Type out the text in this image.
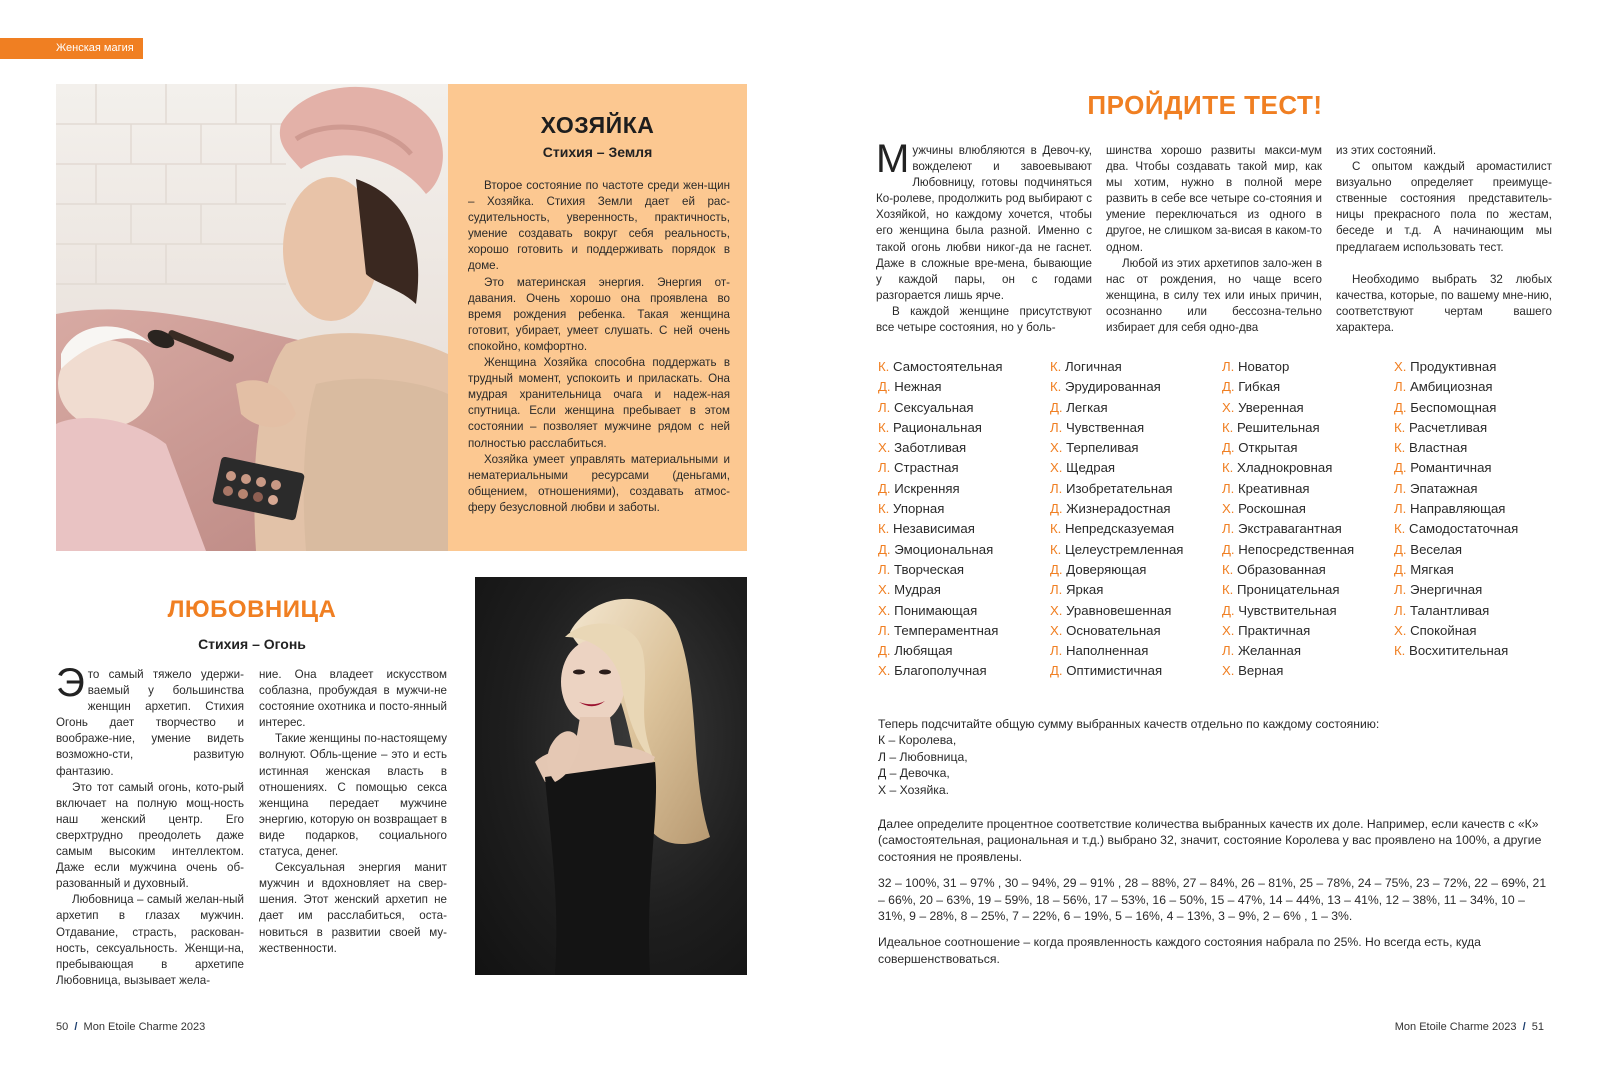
Женская магия
ХОЗЯЙКА
Стихия – Земля

Второе состояние по частоте среди жен-щин – Хозяйка. Стихия Земли дает ей рас-судительность, уверенность, практичность, умение создавать вокруг себя реальность, хорошо готовить и поддерживать порядок в доме.

Это материнская энергия. Энергия от-давания. Очень хорошо она проявлена во время рождения ребенка. Такая женщина готовит, убирает, умеет слушать. С ней очень спокойно, комфортно.

Женщина Хозяйка способна поддержать в трудный момент, успокоить и приласкать. Она мудрая хранительница очага и надеж-ная спутница. Если женщина пребывает в этом состоянии – позволяет мужчине рядом с ней полностью расслабиться.

Хозяйка умеет управлять материальными и нематериальными ресурсами (деньгами, общением, отношениями), создавать атмос-феру безусловной любви и заботы.

ЛЮБОВНИЦА
Стихия – Огонь

Это самый тяжело удержи-ваемый у большинства женщин архетип. Стихия Огонь дает творчество и воображе-ние, умение видеть возможно-сти, развитую фантазию.

Это тот самый огонь, кото-рый включает на полную мощ-ность наш женский центр. Его сверхтрудно преодолеть даже самым высоким интеллектом. Даже если мужчина очень об-разованный и духовный.

Любовница – самый желан-ный архетип в глазах мужчин. Отдавание, страсть, раскован-ность, сексуальность. Женщи-на, пребывающая в архетипе Любовница, вызывает жела-

ние. Она владеет искусством соблазна, пробуждая в мужчи-не состояние охотника и посто-янный интерес.

Такие женщины по-настоящему волнуют. Обль-щение – это и есть истинная женская власть в отношениях. С помощью секса женщина передает мужчине энергию, которую он возвращает в виде подарков, социального статуса, денег.

Сексуальная энергия манит мужчин и вдохновляет на свер-шения. Этот женский архетип не дает им расслабиться, оста-новиться в развитии своей му-жественности.

50  /  Mon Etoile Charme 2023
ПРОЙДИТЕ ТЕСТ!

Мужчины влюбляются в Девоч-ку, вожделеют и завоевывают Любовницу, готовы подчиняться Ко-ролеве, продолжить род выбирают с Хозяйкой, но каждому хочется, чтобы его женщина была разной. Именно с такой огонь любви никог-да не гаснет. Даже в сложные вре-мена, бывающие у каждой пары, он с годами разгорается лишь ярче.

В каждой женщине присутствуют все четыре состояния, но у боль-

шинства хорошо развиты макси-мум два. Чтобы создавать такой мир, как мы хотим, нужно в полной мере развить в себе все четыре со-стояния и умение переключаться из одного в другое, не слишком за-висая в каком-то одном.

Любой из этих архетипов зало-жен в нас от рождения, но чаще всего женщина, в силу тех или иных причин, осознанно или бессозна-тельно избирает для себя одно-два

из этих состояний.

С опытом каждый аромастилист визуально определяет преимуще-ственные состояния представитель-ницы прекрасного пола по жестам, беседе и т.д. А начинающим мы предлагаем использовать тест.

Необходимо выбрать 32 любых качества, которые, по вашему мне-нию, соответствуют чертам вашего характера.

К. Самостоятельная
Д. Нежная
Л. Сексуальная
К. Рациональная
Х. Заботливая
Л. Страстная
Д. Искренняя
К. Упорная
К. Независимая
Д. Эмоциональная
Л. Творческая
Х. Мудрая
Х. Понимающая
Л. Темпераментная
Д. Любящая
Х. Благополучная
К. Логичная
К. Эрудированная
Д. Легкая
Л. Чувственная
Х. Терпеливая
Х. Щедрая
Л. Изобретательная
Д. Жизнерадостная
К. Непредсказуемая
К. Целеустремленная
Д. Доверяющая
Л. Яркая
Х. Уравновешенная
Х. Основательная
Л. Наполненная
Д. Оптимистичная
Л. Новатор
Д. Гибкая
Х. Уверенная
К. Решительная
Д. Открытая
К. Хладнокровная
Л. Креативная
Х. Роскошная
Л. Экстравагантная
Д. Непосредственная
К. Образованная
К. Проницательная
Д. Чувствительная
Х. Практичная
Л. Желанная
Х. Верная
Х. Продуктивная
Л. Амбициозная
Д. Беспомощная
К. Расчетливая
К. Властная
Д. Романтичная
Л. Эпатажная
Л. Направляющая
К. Самодостаточная
Д. Веселая
Д. Мягкая
Л. Энергичная
Л. Талантливая
Х. Спокойная
К. Восхитительная

Теперь подсчитайте общую сумму выбранных качеств отдельно по каждому состоянию:

К – Королева,

Л – Любовница,

Д – Девочка,

Х – Хозяйка.

Далее определите процентное соответствие количества выбранных качеств их доле. Например, если качеств с «К» (самостоятельная, рациональная и т.д.) выбрано 32, значит, состояние Королева у вас проявлено на 100%, а другие состояния не проявлены.

32 – 100%, 31 – 97% , 30 – 94%, 29 – 91% , 28 – 88%, 27 – 84%, 26 – 81%, 25 – 78%, 24 – 75%, 23 – 72%, 22 – 69%, 21 – 66%, 20 – 63%, 19 – 59%, 18 – 56%, 17 – 53%, 16 – 50%, 15 – 47%, 14 – 44%, 13 – 41%, 12 – 38%, 11 – 34%, 10 – 31%, 9 – 28%, 8 – 25%, 7 – 22%, 6 – 19%, 5 – 16%, 4 – 13%, 3 – 9%, 2 – 6% , 1 – 3%.

Идеальное соотношение – когда проявленность каждого состояния набрала по 25%. Но всегда есть, куда совершенствоваться.

Mon Etoile Charme 2023  /  51
